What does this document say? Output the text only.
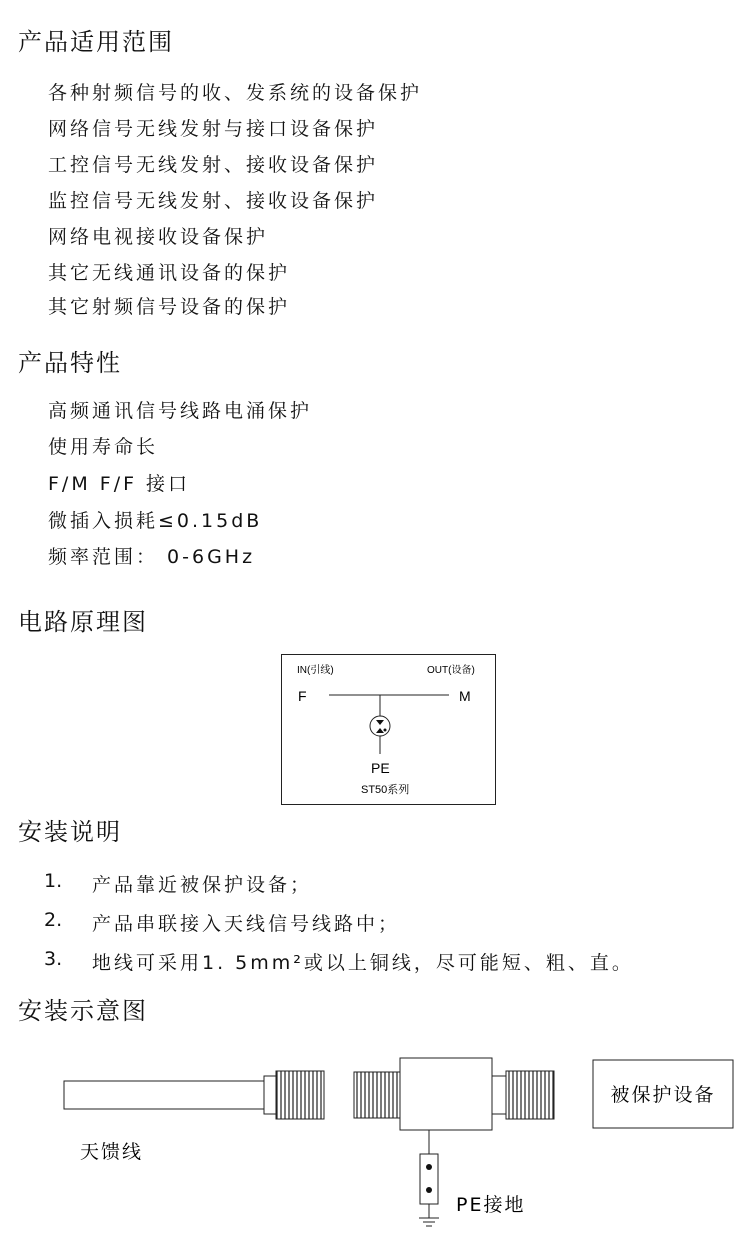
产品适用范围
各种射频信号的收、发系统的设备保护
网络信号无线发射与接口设备保护
工控信号无线发射、接收设备保护
监控信号无线发射、接收设备保护
网络电视接收设备保护
其它无线通讯设备的保护
其它射频信号设备的保护
产品特性
高频通讯信号线路电涌保护
使用寿命长
F/M F/F 接口
微插入损耗≤0.15dB
频率范围： 0-6GHz
电路原理图
IN(引线)	OUT(设备)
F	M
PE
ST50系列
安装说明
1. 产品靠近被保护设备；
2. 产品串联接入天线信号线路中；
3. 地线可采用1. 5mm²或以上铜线，尽可能短、粗、直。
安装示意图
被保护设备
天馈线
PE接地
